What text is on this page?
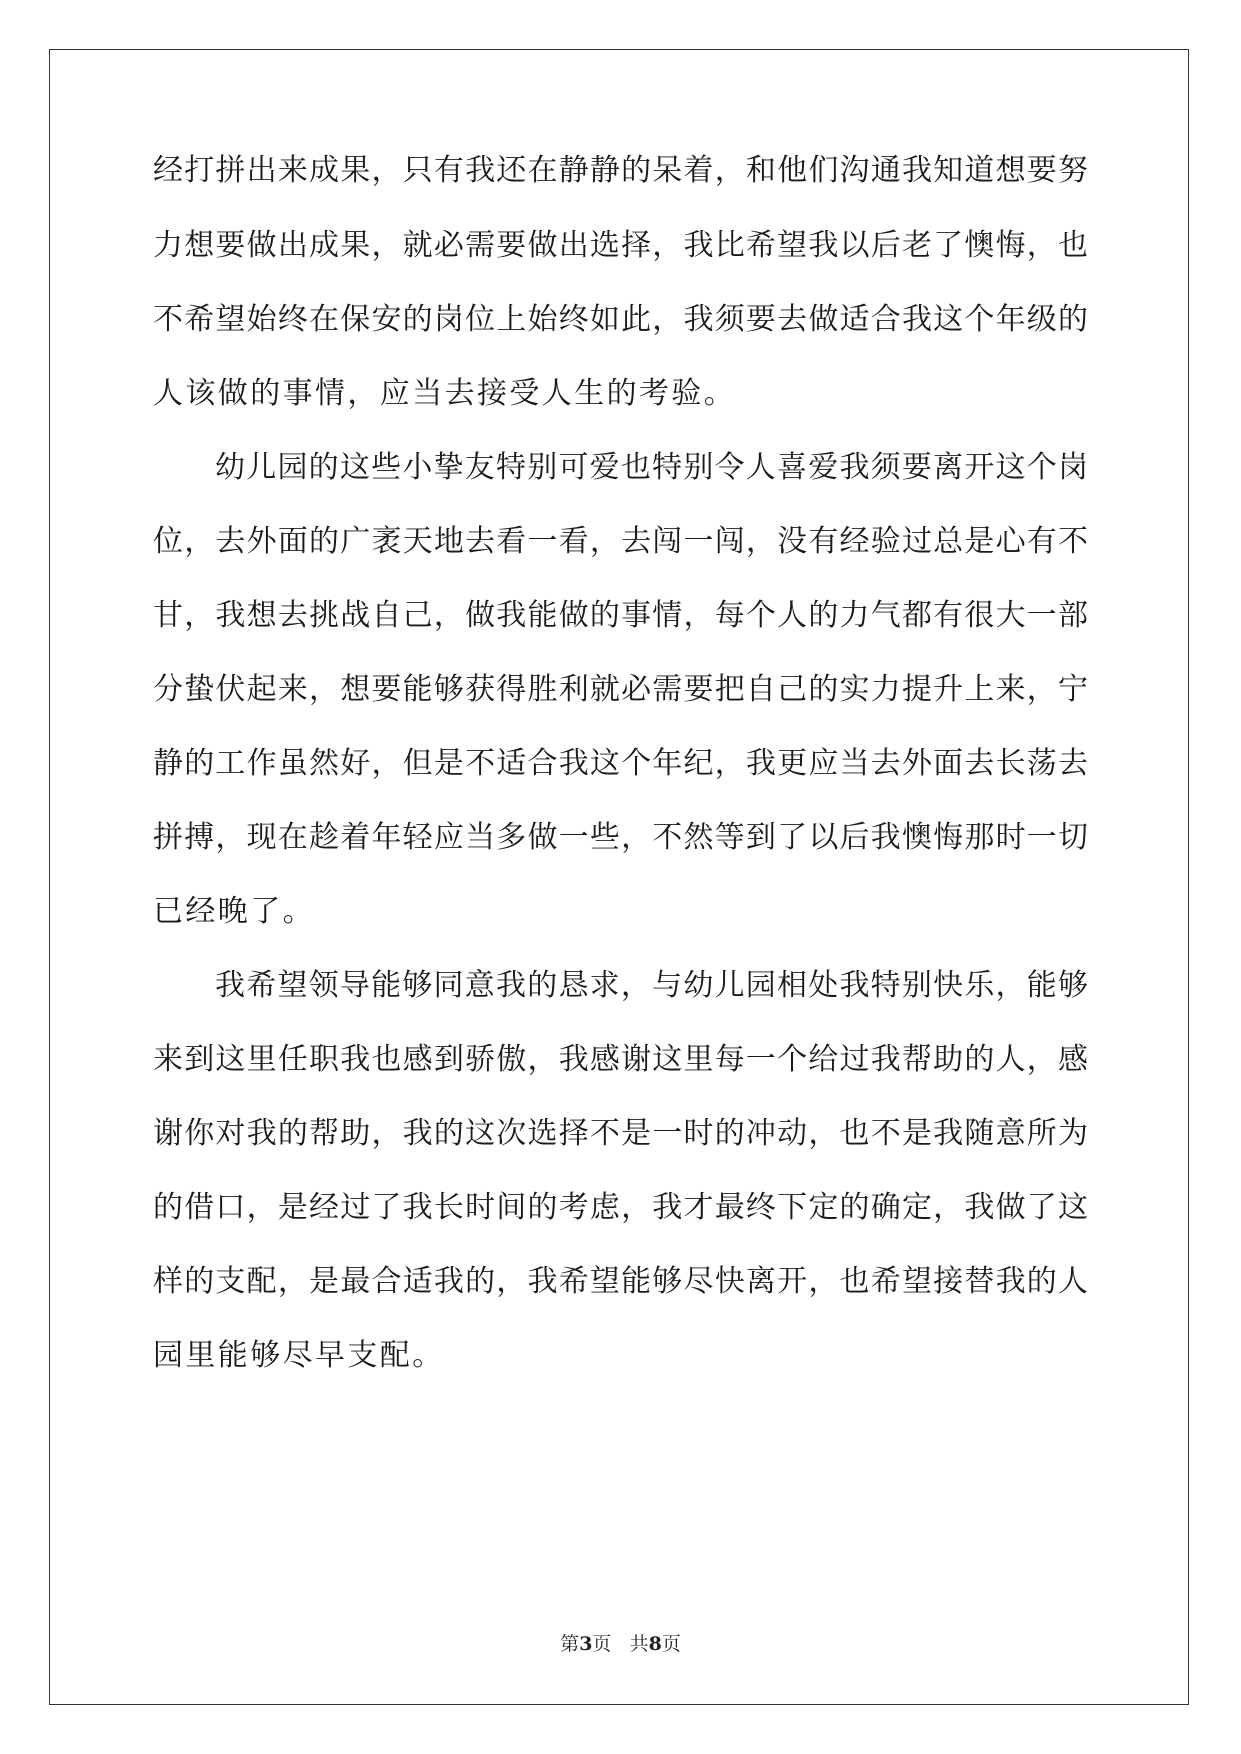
经打拼出来成果，只有我还在静静的呆着，和他们沟通我知道想要努
力想要做出成果，就必需要做出选择，我比希望我以后老了懊悔，也
不希望始终在保安的岗位上始终如此，我须要去做适合我这个年级的
人该做的事情，应当去接受人生的考验。
幼儿园的这些小挚友特别可爱也特别令人喜爱我须要离开这个岗
位，去外面的广袤天地去看一看，去闯一闯，没有经验过总是心有不
甘，我想去挑战自己，做我能做的事情，每个人的力气都有很大一部
分蛰伏起来，想要能够获得胜利就必需要把自己的实力提升上来，宁
静的工作虽然好，但是不适合我这个年纪，我更应当去外面去长荡去
拼搏，现在趁着年轻应当多做一些，不然等到了以后我懊悔那时一切
已经晚了。
我希望领导能够同意我的恳求，与幼儿园相处我特别快乐，能够
来到这里任职我也感到骄傲，我感谢这里每一个给过我帮助的人，感
谢你对我的帮助，我的这次选择不是一时的冲动，也不是我随意所为
的借口，是经过了我长时间的考虑，我才最终下定的确定，我做了这
样的支配，是最合适我的，我希望能够尽快离开，也希望接替我的人
园里能够尽早支配。
第3页 共8页
